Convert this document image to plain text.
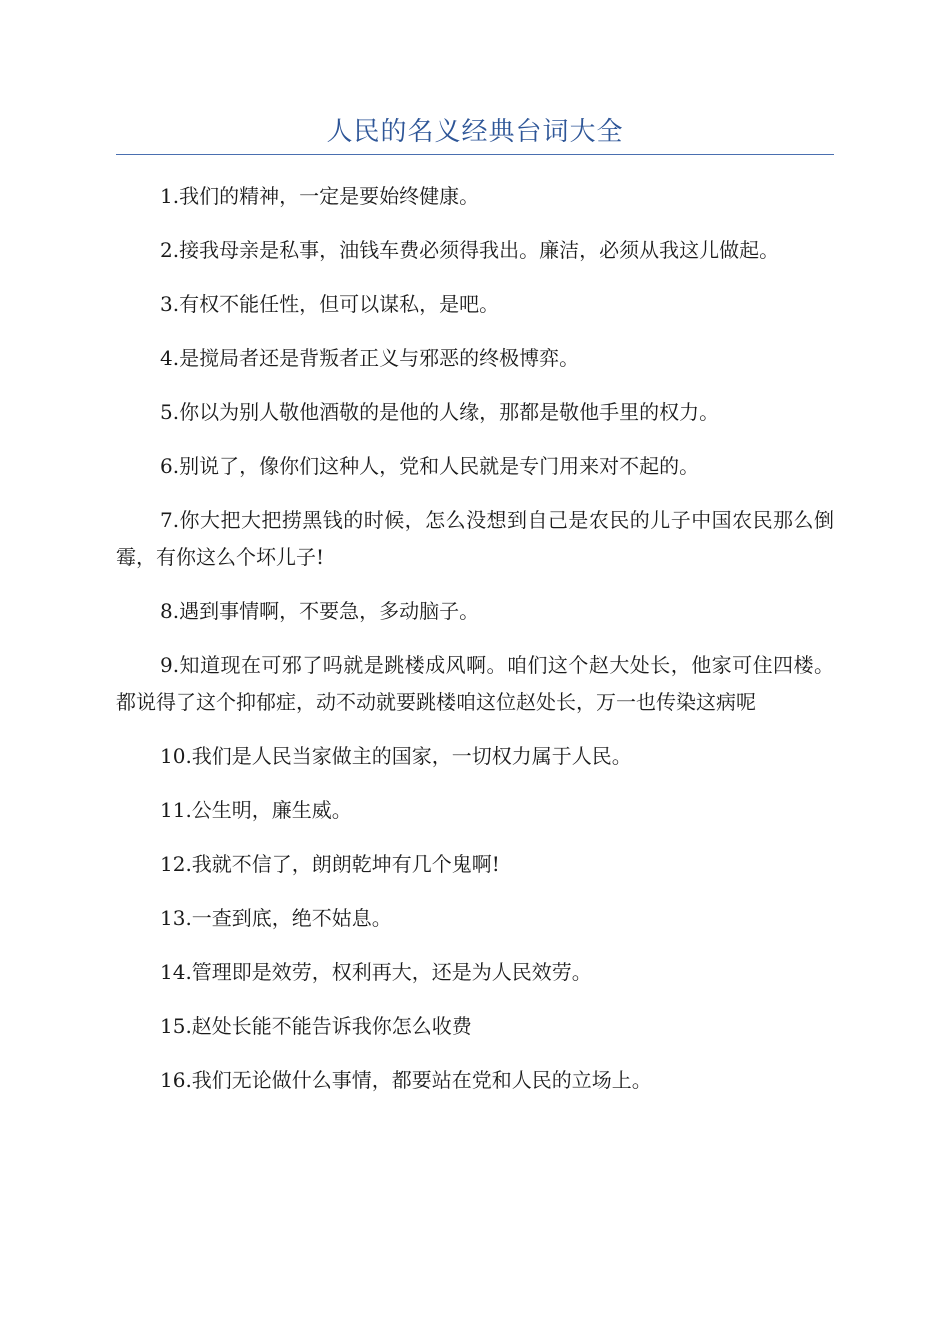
人民的名义经典台词大全

1.我们的精神，一定是要始终健康。

2.接我母亲是私事，油钱车费必须得我出。廉洁，必须从我这儿做起。

3.有权不能任性，但可以谋私，是吧。

4.是搅局者还是背叛者正义与邪恶的终极博弈。

5.你以为别人敬他酒敬的是他的人缘，那都是敬他手里的权力。

6.别说了，像你们这种人，党和人民就是专门用来对不起的。

7.你大把大把捞黑钱的时候，怎么没想到自己是农民的儿子中国农民那么倒霉，有你这么个坏儿子!

8.遇到事情啊，不要急，多动脑子。

9.知道现在可邪了吗就是跳楼成风啊。咱们这个赵大处长，他家可住四楼。都说得了这个抑郁症，动不动就要跳楼咱这位赵处长，万一也传染这病呢

10.我们是人民当家做主的国家，一切权力属于人民。

11.公生明，廉生威。

12.我就不信了，朗朗乾坤有几个鬼啊!

13.一查到底，绝不姑息。

14.管理即是效劳，权利再大，还是为人民效劳。

15.赵处长能不能告诉我你怎么收费

16.我们无论做什么事情，都要站在党和人民的立场上。
